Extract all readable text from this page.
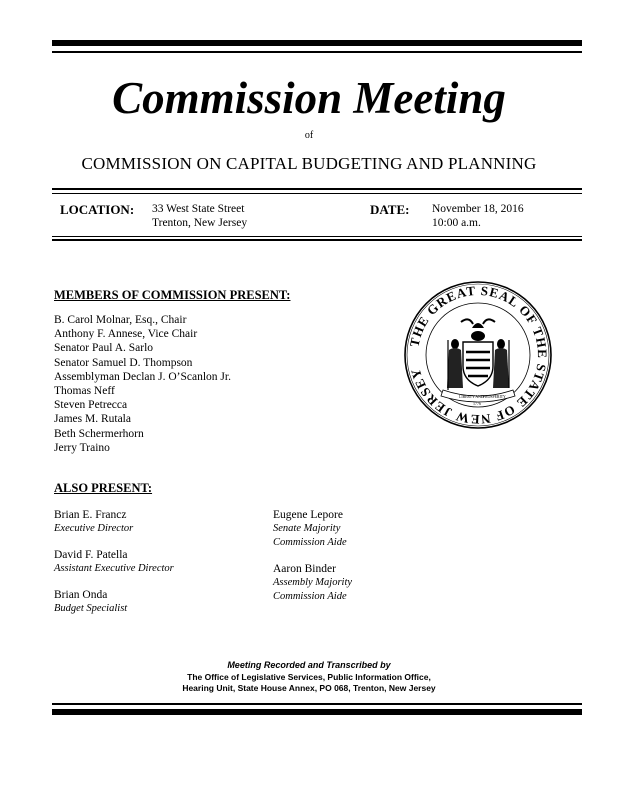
Commission Meeting
of
COMMISSION ON CAPITAL BUDGETING AND PLANNING
LOCATION: 33 West State Street
Trenton, New Jersey
DATE: November 18, 2016
10:00 a.m.
MEMBERS OF COMMISSION PRESENT:
B. Carol Molnar, Esq., Chair
Anthony F. Annese, Vice Chair
Senator Paul A. Sarlo
Senator Samuel D. Thompson
Assemblyman Declan J. O’Scanlon Jr.
Thomas Neff
Steven Petrecca
James M. Rutala
Beth Schermerhorn
Jerry Traino
THE GREAT SEAL OF THE STATE OF NEW JERSEY
LIBERTY AND PROSPERITY
1776
ALSO PRESENT:
Brian E. Francz
Executive Director
David F. Patella
Assistant Executive Director
Brian Onda
Budget Specialist
Eugene Lepore
Senate Majority
Commission Aide
Aaron Binder
Assembly Majority
Commission Aide
Meeting Recorded and Transcribed by
The Office of Legislative Services, Public Information Office,
Hearing Unit, State House Annex, PO 068, Trenton, New Jersey
